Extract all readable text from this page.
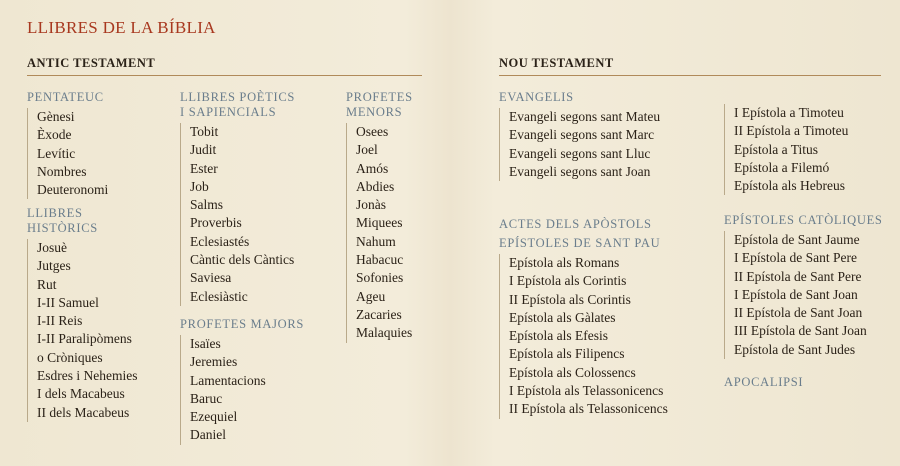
LLIBRES DE LA BÍBLIA
ANTIC TESTAMENT	NOU TESTAMENT
PENTATEUC
Gènesi
Èxode
Levític
Nombres
Deuteronomi
LLIBRES
HISTÒRICS
Josuè
Jutges
Rut
I-II Samuel
I-II Reis
I-II Paralipòmens
o Cròniques
Esdres i Nehemies
I dels Macabeus
II dels Macabeus
LLIBRES POÈTICS
I SAPIENCIALS
Tobit
Judit
Ester
Job
Salms
Proverbis
Eclesiastés
Càntic dels Càntics
Saviesa
Eclesiàstic
PROFETES MAJORS
Isaïes
Jeremies
Lamentacions
Baruc
Ezequiel
Daniel
PROFETES
MENORS
Osees
Joel
Amós
Abdies
Jonàs
Miquees
Nahum
Habacuc
Sofonies
Ageu
Zacaries
Malaquies
EVANGELIS
Evangeli segons sant Mateu
Evangeli segons sant Marc
Evangeli segons sant Lluc
Evangeli segons sant Joan
ACTES DELS APÒSTOLS
EPÍSTOLES DE SANT PAU
Epístola als Romans
I Epístola als Corintis
II Epístola als Corintis
Epístola als Gàlates
Epístola als Efesis
Epístola als Filipencs
Epístola als Colossencs
I Epístola als Telassonicencs
II Epístola als Telassonicencs
I Epístola a Timoteu
II Epístola a Timoteu
Epístola a Titus
Epístola a Filemó
Epístola als Hebreus
EPÍSTOLES CATÒLIQUES
Epístola de Sant Jaume
I Epístola de Sant Pere
II Epístola de Sant Pere
I Epístola de Sant Joan
II Epístola de Sant Joan
III Epístola de Sant Joan
Epístola de Sant Judes
APOCALIPSI
